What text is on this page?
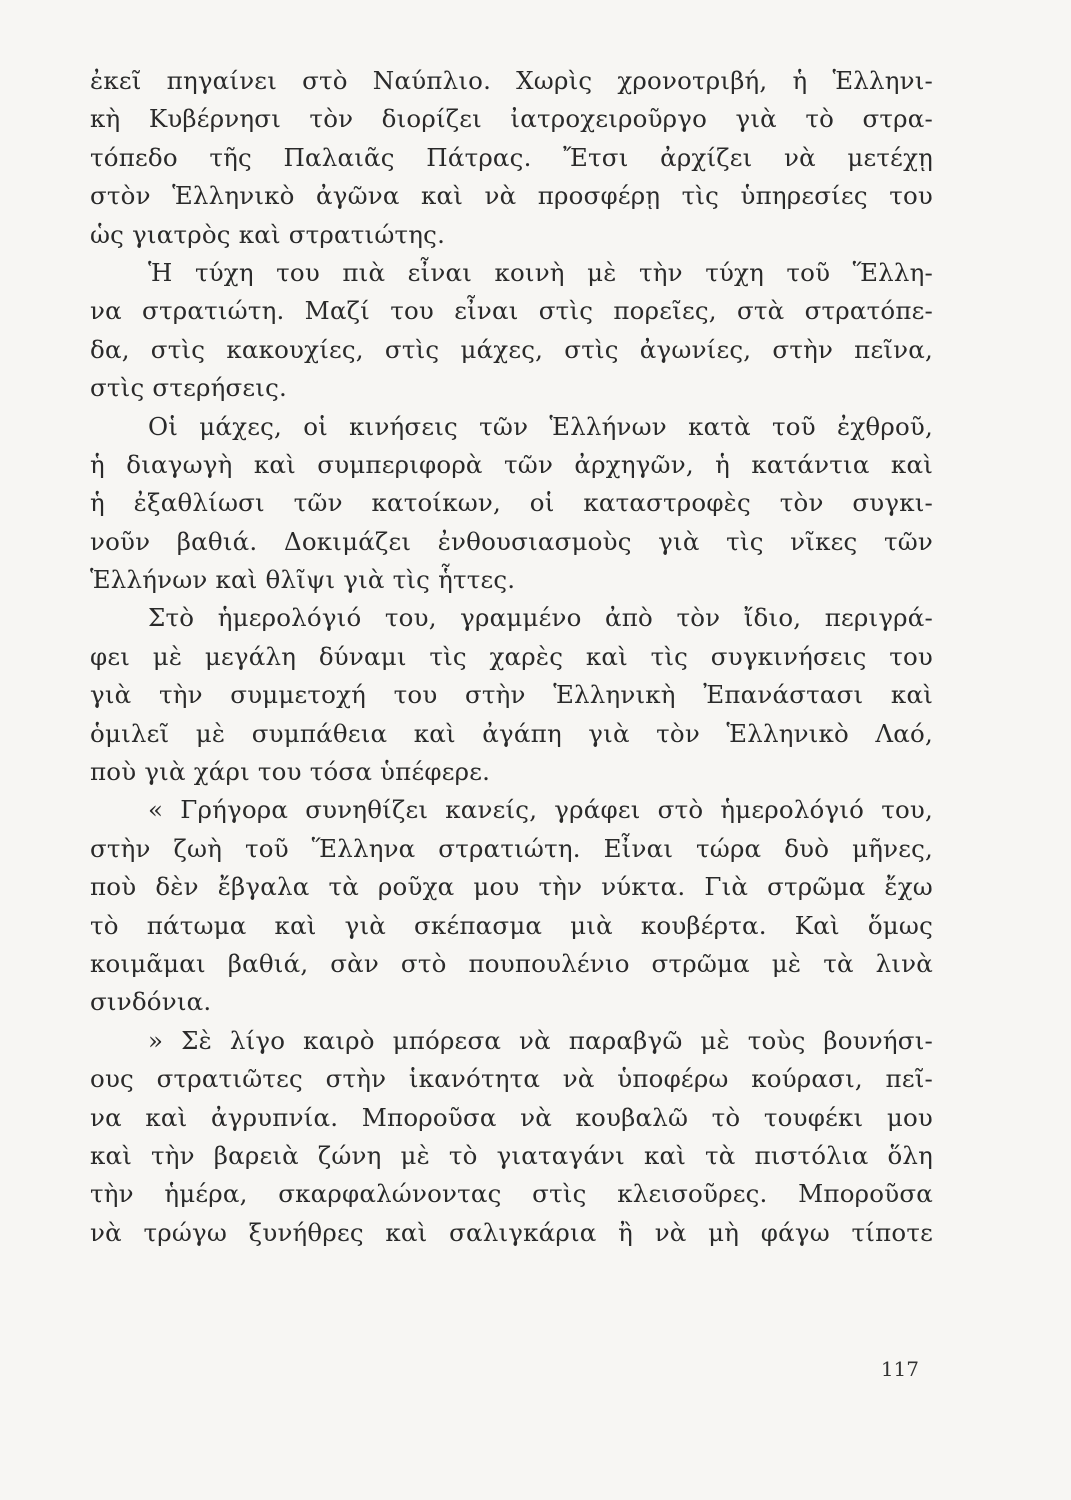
ἐκεῖ πηγαίνει στὸ Ναύπλιο. Χωρὶς χρονοτριβή, ἡ Ἑλληνι-
κὴ Κυβέρνησι τὸν διορίζει ἰατροχειροῦργο γιὰ τὸ στρα-
τόπεδο τῆς Παλαιᾶς Πάτρας. Ἔτσι ἀρχίζει νὰ μετέχῃ
στὸν Ἑλληνικὸ ἀγῶνα καὶ νὰ προσφέρῃ τὶς ὑπηρεσίες του
ὡς γιατρὸς καὶ στρατιώτης.
Ἡ τύχη του πιὰ εἶναι κοινὴ μὲ τὴν τύχη τοῦ Ἕλλη-
να στρατιώτη. Μαζί του εἶναι στὶς πορεῖες, στὰ στρατόπε-
δα, στὶς κακουχίες, στὶς μάχες, στὶς ἀγωνίες, στὴν πεῖνα,
στὶς στερήσεις.
Οἱ μάχες, οἱ κινήσεις τῶν Ἑλλήνων κατὰ τοῦ ἐχθροῦ,
ἡ διαγωγὴ καὶ συμπεριφορὰ τῶν ἀρχηγῶν, ἡ κατάντια καὶ
ἡ ἐξαθλίωσι τῶν κατοίκων, οἱ καταστροφὲς τὸν συγκι-
νοῦν βαθιά. Δοκιμάζει ἐνθουσιασμοὺς γιὰ τὶς νῖκες τῶν
Ἑλλήνων καὶ θλῖψι γιὰ τὶς ἧττες.
Στὸ ἡμερολόγιό του, γραμμένο ἀπὸ τὸν ἴδιο, περιγρά-
φει μὲ μεγάλη δύναμι τὶς χαρὲς καὶ τὶς συγκινήσεις του
γιὰ τὴν συμμετοχή του στὴν Ἑλληνικὴ Ἐπανάστασι καὶ
ὁμιλεῖ μὲ συμπάθεια καὶ ἀγάπη γιὰ τὸν Ἑλληνικὸ Λαό,
ποὺ γιὰ χάρι του τόσα ὑπέφερε.
« Γρήγορα συνηθίζει κανείς, γράφει στὸ ἡμερολόγιό του,
στὴν ζωὴ τοῦ Ἕλληνα στρατιώτη. Εἶναι τώρα δυὸ μῆνες,
ποὺ δὲν ἔβγαλα τὰ ροῦχα μου τὴν νύκτα. Γιὰ στρῶμα ἔχω
τὸ πάτωμα καὶ γιὰ σκέπασμα μιὰ κουβέρτα. Καὶ ὅμως
κοιμᾶμαι βαθιά, σὰν στὸ πουπουλένιο στρῶμα μὲ τὰ λινὰ
σινδόνια.
» Σὲ λίγο καιρὸ μπόρεσα νὰ παραβγῶ μὲ τοὺς βουνήσι-
ους στρατιῶτες στὴν ἱκανότητα νὰ ὑποφέρω κούρασι, πεῖ-
να καὶ ἀγρυπνία. Μποροῦσα νὰ κουβαλῶ τὸ τουφέκι μου
καὶ τὴν βαρειὰ ζώνη μὲ τὸ γιαταγάνι καὶ τὰ πιστόλια ὅλη
τὴν ἡμέρα, σκαρφαλώνοντας στὶς κλεισοῦρες. Μποροῦσα
νὰ τρώγω ξυνήθρες καὶ σαλιγκάρια ἢ νὰ μὴ φάγω τίποτε
117
